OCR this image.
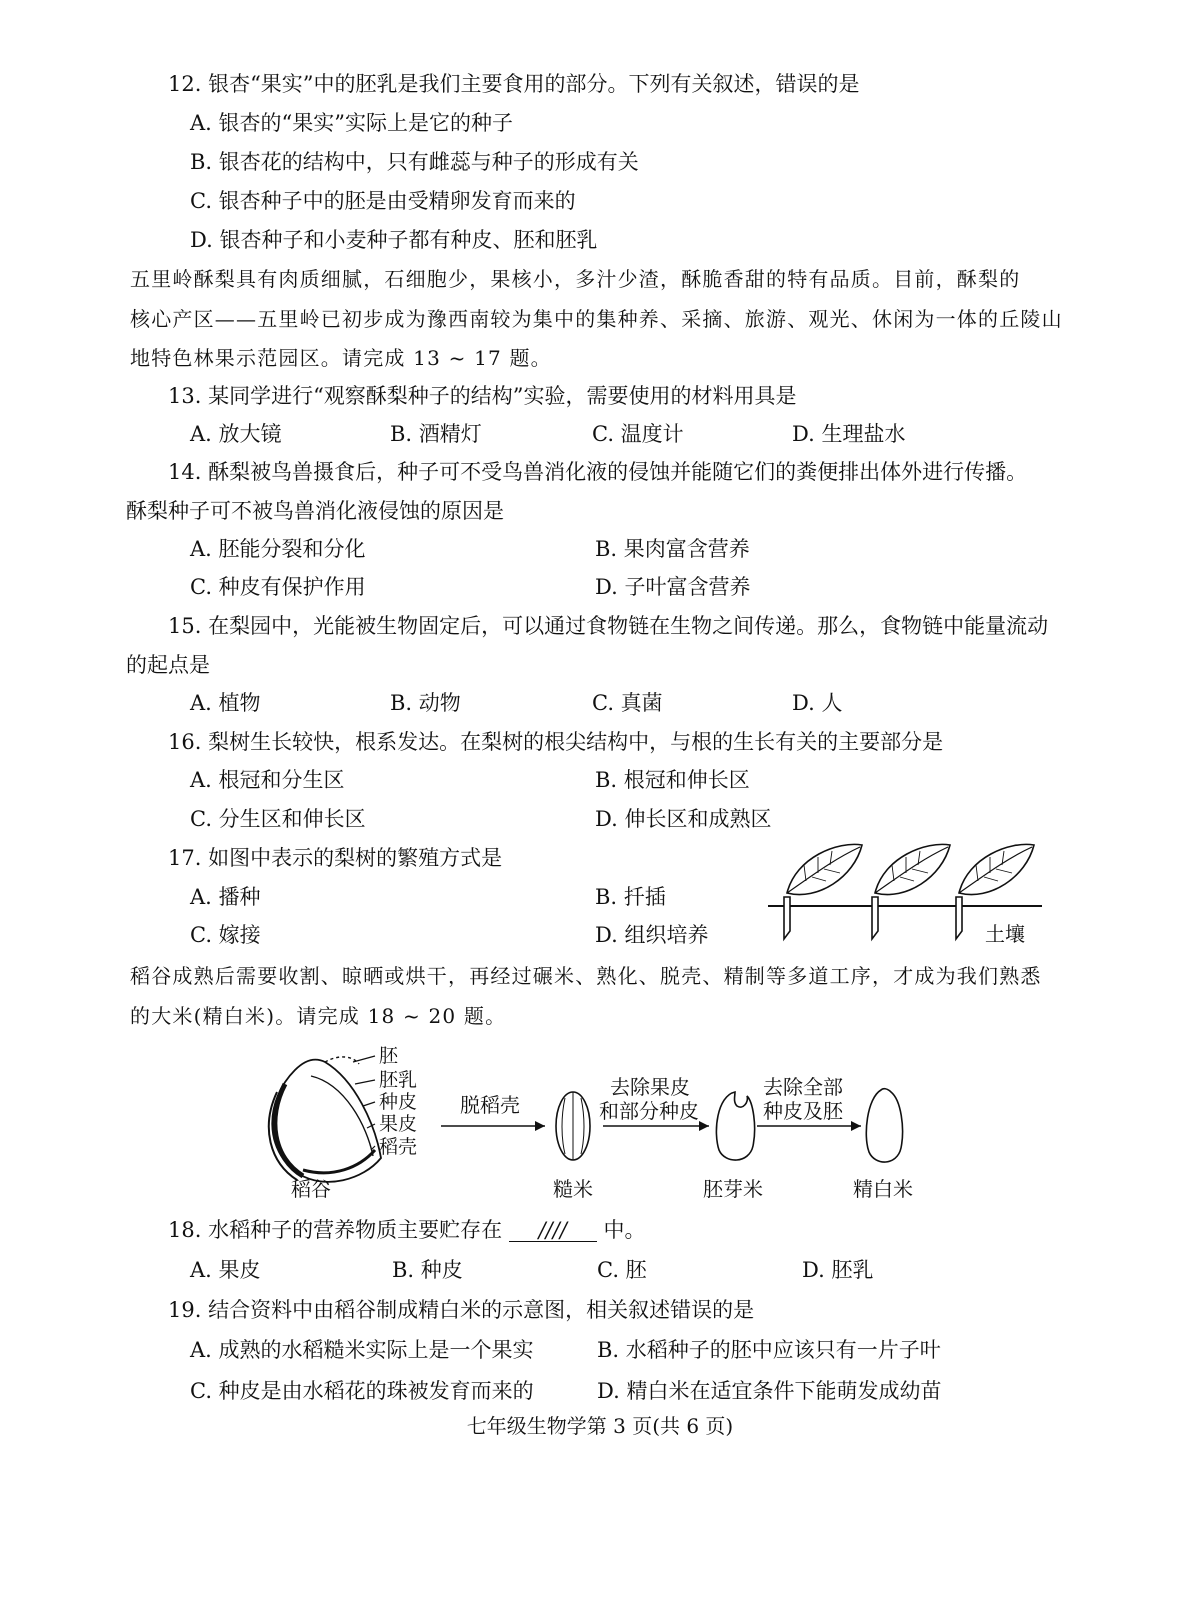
12. 银杏“果实”中的胚乳是我们主要食用的部分。下列有关叙述，错误的是
A. 银杏的“果实”实际上是它的种子
B. 银杏花的结构中，只有雌蕊与种子的形成有关
C. 银杏种子中的胚是由受精卵发育而来的
D. 银杏种子和小麦种子都有种皮、胚和胚乳
五里岭酥梨具有肉质细腻，石细胞少，果核小，多汁少渣，酥脆香甜的特有品质。目前，酥梨的
核心产区——五里岭已初步成为豫西南较为集中的集种养、采摘、旅游、观光、休闲为一体的丘陵山
地特色林果示范园区。请完成 13 ~ 17 题。
13. 某同学进行“观察酥梨种子的结构”实验，需要使用的材料用具是
A. 放大镜	B. 酒精灯	C. 温度计	D. 生理盐水
14. 酥梨被鸟兽摄食后，种子可不受鸟兽消化液的侵蚀并能随它们的粪便排出体外进行传播。
酥梨种子可不被鸟兽消化液侵蚀的原因是
A. 胚能分裂和分化	B. 果肉富含营养
C. 种皮有保护作用	D. 子叶富含营养
15. 在梨园中，光能被生物固定后，可以通过食物链在生物之间传递。那么，食物链中能量流动
的起点是
A. 植物	B. 动物	C. 真菌	D. 人
16. 梨树生长较快，根系发达。在梨树的根尖结构中，与根的生长有关的主要部分是
A. 根冠和分生区	B. 根冠和伸长区
C. 分生区和伸长区	D. 伸长区和成熟区
17. 如图中表示的梨树的繁殖方式是
A. 播种	B. 扦插
C. 嫁接	D. 组织培养	土壤
稻谷成熟后需要收割、晾晒或烘干，再经过碾米、熟化、脱壳、精制等多道工序，才成为我们熟悉
的大米(精白米)。请完成 18 ~ 20 题。
胚
胚乳
种皮
果皮
稻壳
稻谷
脱稻壳
糙米
去除果皮
和部分种皮
胚芽米
去除全部
种皮及胚
精白米
18. 水稻种子的营养物质主要贮存在 //// 中。
A. 果皮	B. 种皮	C. 胚	D. 胚乳
19. 结合资料中由稻谷制成精白米的示意图，相关叙述错误的是
A. 成熟的水稻糙米实际上是一个果实	B. 水稻种子的胚中应该只有一片子叶
C. 种皮是由水稻花的珠被发育而来的	D. 精白米在适宜条件下能萌发成幼苗
七年级生物学第 3 页(共 6 页)
